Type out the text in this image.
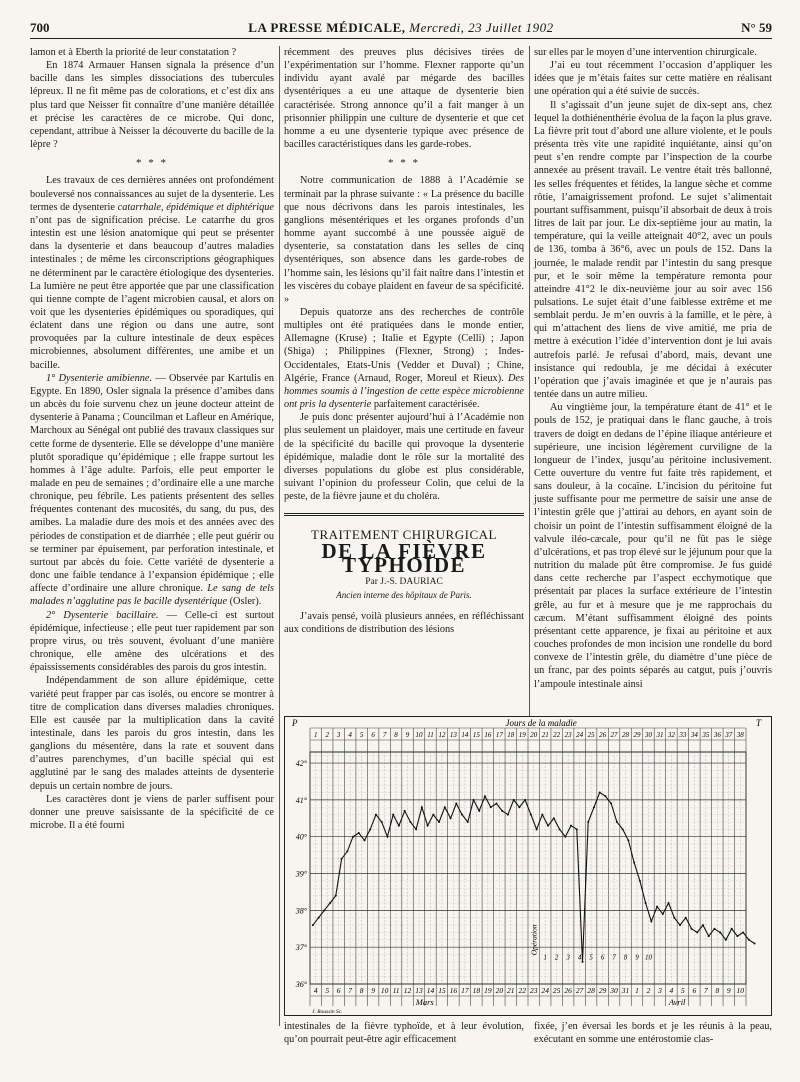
700	LA PRESSE MÉDICALE, Mercredi, 23 Juillet 1902	N° 59

lamon et à Eberth la priorité de leur constatation ?

En 1874 Armauer Hansen signala la présence d’un bacille dans les simples dissociations des tubercules lépreux. Il ne fit même pas de colorations, et c’est dix ans plus tard que Neisser fit connaître d’une manière détaillée et précise les caractères de ce microbe. Qui donc, cependant, attribue à Neisser la découverte du bacille de la lèpre ?

* * *

Les travaux de ces dernières années ont profondément bouleversé nos connaissances au sujet de la dysenterie. Les termes de dysenterie catarrhale, épidémique et diphtérique n’ont pas de signification précise. Le catarrhe du gros intestin est une lésion anatomique qui peut se présenter dans la dysenterie et dans beaucoup d’autres maladies intestinales ; de même les circonscriptions géographiques ne déterminent par le caractère étiologique des dysenteries. La lumière ne peut être apportée que par une classification qui tienne compte de l’agent microbien causal, et alors on voit que les dysenteries épidémiques ou sporadiques, qui éclatent dans une région ou dans une autre, sont provoquées par la culture intestinale de deux espèces microbiennes, absolument différentes, une amibe et un bacille.

1° Dysenterie amibienne. — Observée par Kartulis en Egypte. En 1890, Osler signala la présence d’amibes dans un abcès du foie survenu chez un jeune docteur atteint de dysenterie à Panama ; Councilman et Lafleur en Amérique, Marchoux au Sénégal ont publié des travaux classiques sur cette forme de dysenterie. Elle se développe d’une manière plutôt sporadique qu’épidémique ; elle frappe surtout les hommes à l’âge adulte. Parfois, elle peut emporter le malade en peu de semaines ; d’ordinaire elle a une marche chronique, peu fébrile. Les patients présentent des selles fréquentes contenant des mucosités, du sang, du pus, des amibes. La maladie dure des mois et des années avec des périodes de constipation et de diarrhée ; elle peut guérir ou se terminer par épuisement, par perforation intestinale, et surtout par abcès du foie. Cette variété de dysenterie a donc une faible tendance à l’expansion épidémique ; elle affecte d’ordinaire une allure chronique. Le sang de tels malades n’agglutine pas le bacille dysentérique (Osler).

2° Dysenterie bacillaire. — Celle-ci est surtout épidémique, infectieuse ; elle peut tuer rapidement par son propre virus, ou très souvent, évoluant d’une manière chronique, elle amène des ulcérations et des épaississements considérables des parois du gros intestin.

Indépendamment de son allure épidémique, cette variété peut frapper par cas isolés, ou encore se montrer à titre de complication dans diverses maladies chroniques. Elle est causée par la multiplication dans la cavité intestinale, dans les parois du gros intestin, dans les ganglions du mésentère, dans la rate et souvent dans d’autres parenchymes, d’un bacille spécial qui est agglutiné par le sang des malades atteints de dysenterie depuis un certain nombre de jours.

Les caractères dont je viens de parler suffisent pour donner une preuve saisissante de la spécificité de ce microbe. Il a été fourni

récemment des preuves plus décisives tirées de l’expérimentation sur l’homme. Flexner rapporte qu’un individu ayant avalé par mégarde des bacilles dysentériques a eu une attaque de dysenterie bien caractérisée. Strong annonce qu’il a fait manger à un prisonnier philippin une culture de dysenterie et que cet homme a eu une dysenterie typique avec présence de bacilles caractéristiques dans les garde-robes.

* * *

Notre communication de 1888 à l’Académie se terminait par la phrase suivante : « La présence du bacille que nous décrivons dans les parois intestinales, les ganglions mésentériques et les organes profonds d’un homme ayant succombé à une poussée aiguë de dysenterie, sa constatation dans les selles de cinq dysentériques, son absence dans les garde-robes de l’homme sain, les lésions qu’il fait naître dans l’intestin et les viscères du cobaye plaident en faveur de sa spécificité. »

Depuis quatorze ans des recherches de contrôle multiples ont été pratiquées dans le monde entier, Allemagne (Kruse) ; Italie et Egypte (Celli) ; Japon (Shiga) ; Philippines (Flexner, Strong) ; Indes-Occidentales, Etats-Unis (Vedder et Duval) ; Chine, Algérie, France (Arnaud, Roger, Moreul et Rieux). Des hommes soumis à l’ingestion de cette espèce microbienne ont pris la dysenterie parfaitement caractérisée.

Je puis donc présenter aujourd’hui à l’Académie non plus seulement un plaidoyer, mais une certitude en faveur de la spécificité du bacille qui provoque la dysenterie épidémique, maladie dont le rôle sur la mortalité des diverses populations du globe est plus considérable, suivant l’opinion du professeur Colin, que celui de la peste, de la fièvre jaune et du choléra.

TRAITEMENT CHIRURGICAL
DE LA FIÈVRE TYPHOÏDE
Par J.-S. DAURIAC
Ancien interne des hôpitaux de Paris.

J’avais pensé, voilà plusieurs années, en réfléchissant aux conditions de distribution des lésions

sur elles par le moyen d’une intervention chirurgicale.

J’ai eu tout récemment l’occasion d’appliquer les idées que je m’étais faites sur cette matière en réalisant une opération qui a été suivie de succès.

Il s’agissait d’un jeune sujet de dix-sept ans, chez lequel la dothiénenthérie évolua de la façon la plus grave. La fièvre prit tout d’abord une allure violente, et le pouls présenta très vite une rapidité inquiétante, ainsi qu’on peut s’en rendre compte par l’inspection de la courbe annexée au présent travail. Le ventre était très ballonné, les selles fréquentes et fétides, la langue sèche et comme rôtie, l’amaigrissement profond. Le sujet s’alimentait pourtant suffisamment, puisqu’il absorbait de deux à trois litres de lait par jour. Le dix-septième jour au matin, la température, qui la veille atteignait 40°2, avec un pouls de 136, tomba à 36°6, avec un pouls de 152. Dans la journée, le malade rendit par l’intestin du sang presque pur, et le soir même la température remonta pour atteindre 41°2 le dix-neuvième jour au soir avec 156 pulsations. Le sujet était d’une faiblesse extrême et me semblait perdu. Je m’en ouvris à la famille, et le père, à qui m’attachent des liens de vive amitié, me pria de mettre à exécution l’idée d’intervention dont je lui avais autrefois parlé. Je refusai d’abord, mais, devant une insistance qui redoubla, je me décidai à exécuter l’opération que j’avais imaginée et que je n’aurais pas tentée dans un autre milieu.

Au vingtième jour, la température étant de 41° et le pouls de 152, je pratiquai dans le flanc gauche, à trois travers de doigt en dedans de l’épine iliaque antérieure et supérieure, une incision légèrement curviligne de la longueur de l’index, jusqu’au péritoine inclusivement. Cette ouverture du ventre fut faite très rapidement, et sans douleur, à la cocaïne. L’incision du péritoine fut juste suffisante pour me permettre de saisir une anse de l’intestin grêle que j’attirai au dehors, en ayant soin de choisir un point de l’intestin suffisamment éloigné de la valvule iléo-cæcale, pour qu’il ne fût pas le siège d’ulcérations, et pas trop élevé sur le jéjunum pour que la nutrition du malade pût être compromise. Je fus guidé dans cette recherche par l’aspect ecchymotique que présentait par places la surface extérieure de l’intestin grêle, au fur et à mesure que je me rapprochais du cæcum. M’étant suffisamment éloigné des points présentant cette apparence, je fixai au péritoine et aux couches profondes de mon incision une rondelle du bord convexe de l’intestin grêle, du diamètre d’une pièce de un franc, par des points séparés au catgut, puis j’ouvris l’ampoule intestinale ainsi

36°
37°
38°
39°
40°
41°
42°
P	T
Jours de la maladie
1 2 3 4 5 6 7 8 9 10 11 12 13 14 15 16 17 18 19 20 21 22 23 24 25 26 27 28 29 30 31 32 33 34 35 36 37 38
4 5 6 7 8 9 10 11 12 13 14 15 16 17 18 19 20 21 22 23 24 25 26 27 28 29 30 31 1 2 3 4 5 6 7 8 9 10
Mars	Avril
J. Roussin Sc.
Opération
1 2 3 4 5 6 7 8 9 10

intestinales de la fièvre typhoïde, et à leur évolution, qu’on pourrait peut-être agir efficacement

fixée, j’en éversai les bords et je les réunis à la peau, exécutant en somme une entérostomie clas-
